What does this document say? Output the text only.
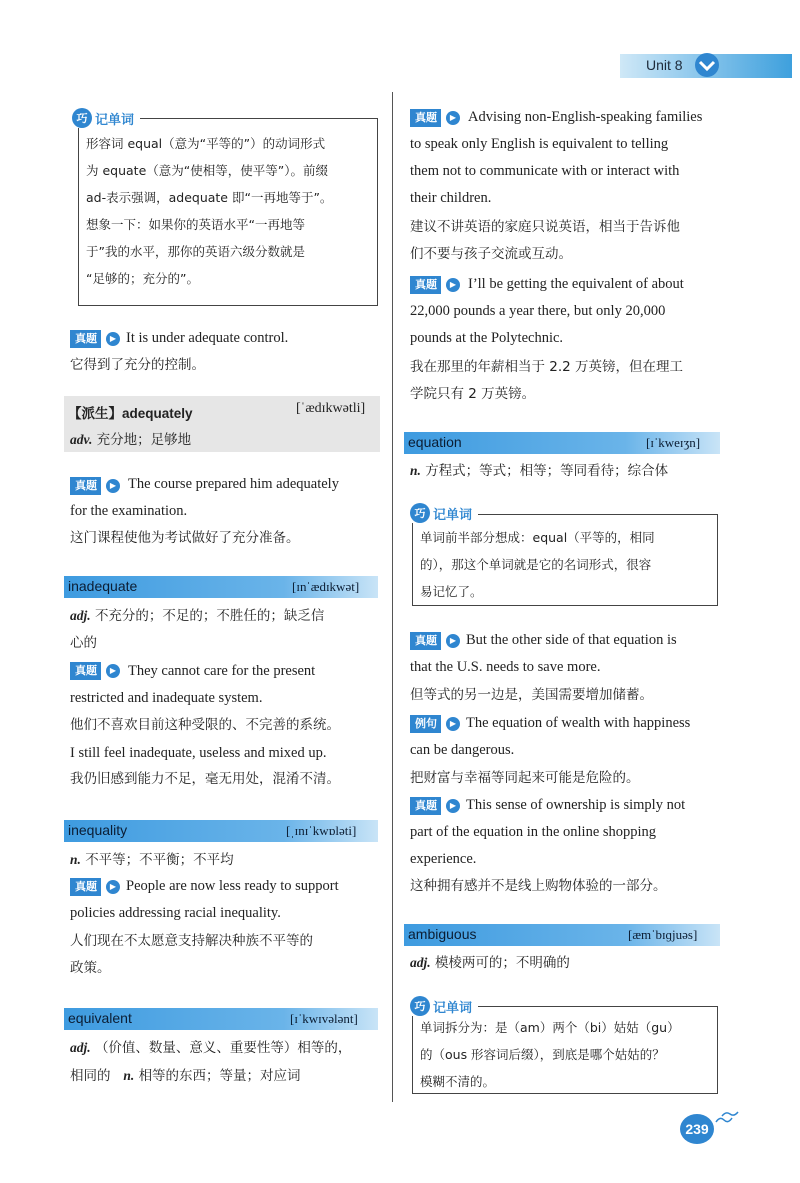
Unit 8
巧 记单词
形容词 equal（意为“平等的”）的动词形式
为 equate（意为“使相等，使平等”）。前缀
ad-表示强调，adequate 即“一再地等于”。
想象一下：如果你的英语水平“一再地等
于”我的水平，那你的英语六级分数就是
“足够的；充分的”。
真题	▶ It is under adequate control.
它得到了充分的控制。
【派生】adequately	[ˈædɪkwətli]
adv. 充分地；足够地
真题	▶ The course prepared him adequately
for the examination.
这门课程使他为考试做好了充分准备。
inadequate	[ɪnˈædɪkwət]
adj. 不充分的；不足的；不胜任的；缺乏信
心的
真题	▶ They cannot care for the present
restricted and inadequate system.
他们不喜欢目前这种受限的、不完善的系统。
I still feel inadequate, useless and mixed up.
我仍旧感到能力不足，毫无用处，混淆不清。
inequality	[ˌɪnɪˈkwɒləti]
n. 不平等；不平衡；不平均
真题	▶ People are now less ready to support
policies addressing racial inequality.
人们现在不太愿意支持解决种族不平等的
政策。
equivalent	[ɪˈkwɪvələnt]
adj. （价值、数量、意义、重要性等）相等的，
相同的 n. 相等的东西；等量；对应词
真题	▶ Advising non-English-speaking families
to speak only English is equivalent to telling
them not to communicate with or interact with
their children.
建议不讲英语的家庭只说英语，相当于告诉他
们不要与孩子交流或互动。
真题	▶ I’ll be getting the equivalent of about
22,000 pounds a year there, but only 20,000
pounds at the Polytechnic.
我在那里的年薪相当于 2.2 万英镑，但在理工
学院只有 2 万英镑。
equation	[ɪˈkweɪʒn]
n. 方程式；等式；相等；等同看待；综合体
巧 记单词
单词前半部分想成：equal（平等的，相同
的），那这个单词就是它的名词形式，很容
易记忆了。
真题	▶ But the other side of that equation is
that the U.S. needs to save more.
但等式的另一边是，美国需要增加储蓄。
例句	▶ The equation of wealth with happiness
can be dangerous.
把财富与幸福等同起来可能是危险的。
真题	▶ This sense of ownership is simply not
part of the equation in the online shopping
experience.
这种拥有感并不是线上购物体验的一部分。
ambiguous	[æmˈbɪɡjuəs]
adj. 模棱两可的；不明确的
巧 记单词
单词拆分为：是（am）两个（bi）姑姑（gu）
的（ous 形容词后缀），到底是哪个姑姑的？
模糊不清的。
239
